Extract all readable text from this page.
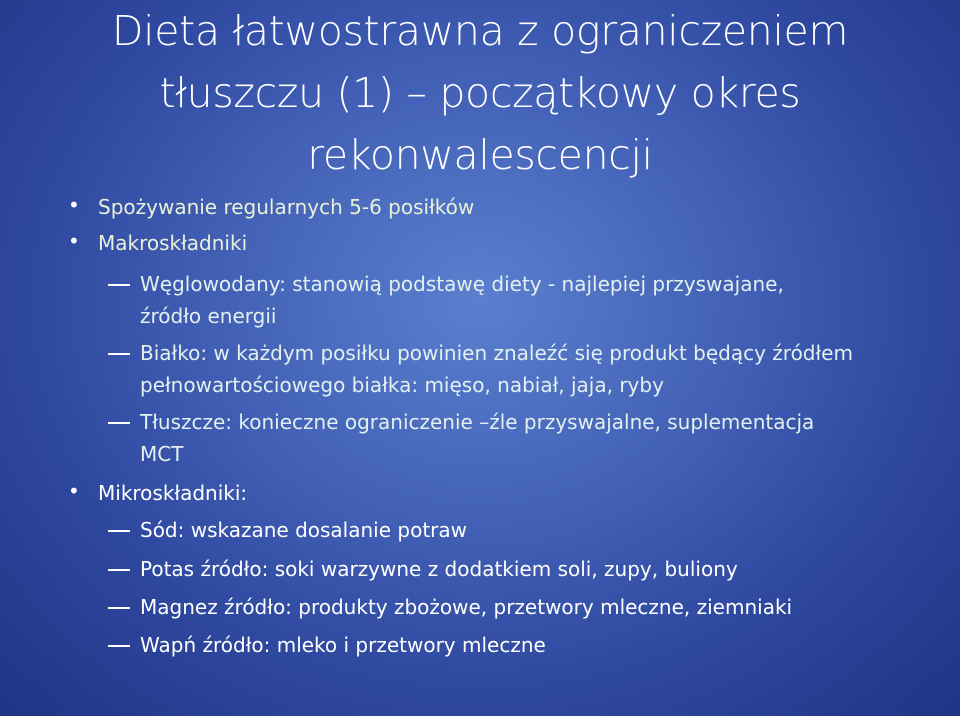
Dieta łatwostrawna z ograniczeniem
tłuszczu (1) – początkowy okres
rekonwalescencji
• Spożywanie regularnych 5-6 posiłków
• Makroskładniki
Węglowodany: stanowią podstawę diety - najlepiej przyswajane,
źródło energii
Białko: w każdym posiłku powinien znaleźć się produkt będący źródłem
pełnowartościowego białka: mięso, nabiał, jaja, ryby
Tłuszcze: konieczne ograniczenie –źle przyswajalne, suplementacja
MCT
• Mikroskładniki:
Sód: wskazane dosalanie potraw
Potas źródło: soki warzywne z dodatkiem soli, zupy, buliony
Magnez źródło: produkty zbożowe, przetwory mleczne, ziemniaki
Wapń źródło: mleko i przetwory mleczne
